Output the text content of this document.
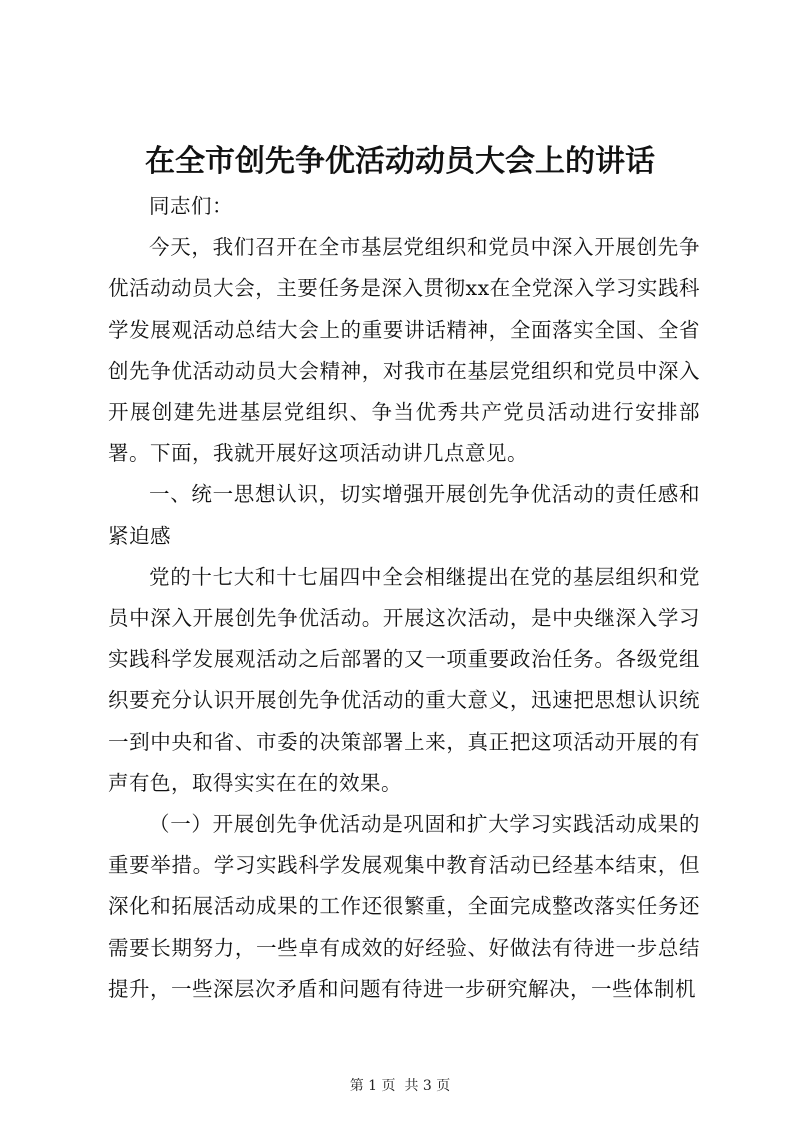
在全市创先争优活动动员大会上的讲话

同志们：

今天，我们召开在全市基层党组织和党员中深入开展创先争优活动动员大会，主要任务是深入贯彻xx在全党深入学习实践科学发展观活动总结大会上的重要讲话精神，全面落实全国、全省创先争优活动动员大会精神，对我市在基层党组织和党员中深入开展创建先进基层党组织、争当优秀共产党员活动进行安排部署。下面，我就开展好这项活动讲几点意见。

一、统一思想认识，切实增强开展创先争优活动的责任感和紧迫感

党的十七大和十七届四中全会相继提出在党的基层组织和党员中深入开展创先争优活动。开展这次活动，是中央继深入学习实践科学发展观活动之后部署的又一项重要政治任务。各级党组织要充分认识开展创先争优活动的重大意义，迅速把思想认识统一到中央和省、市委的决策部署上来，真正把这项活动开展的有声有色，取得实实在在的效果。

（一）开展创先争优活动是巩固和扩大学习实践活动成果的重要举措。学习实践科学发展观集中教育活动已经基本结束，但深化和拓展活动成果的工作还很繁重，全面完成整改落实任务还需要长期努力，一些卓有成效的好经验、好做法有待进一步总结提升，一些深层次矛盾和问题有待进一步研究解决，一些体制机

第 1 页  共 3 页
